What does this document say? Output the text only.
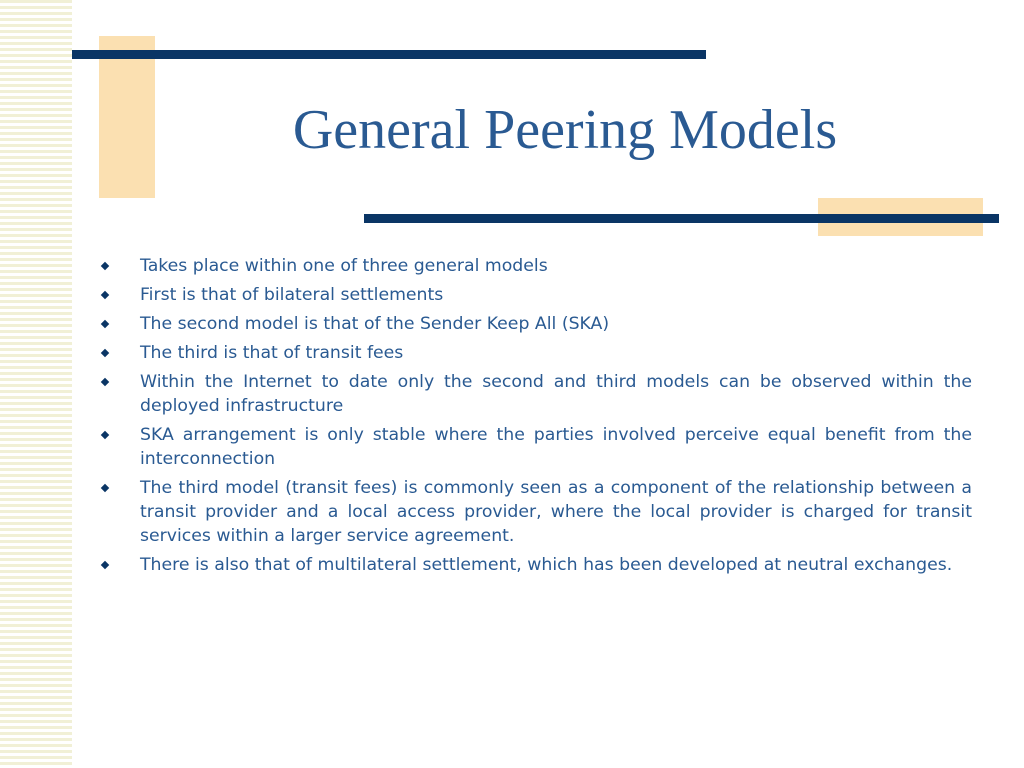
General Peering Models
Takes place within one of three general models
First is that of bilateral settlements
The second model is that of the Sender Keep All (SKA)
The third is that of transit fees
Within the Internet to date only the second and third models can be observed within the deployed infrastructure
SKA arrangement is only stable where the parties involved perceive equal benefit from the interconnection
The third model (transit fees) is commonly seen as a component of the relationship between a transit provider and a local access provider, where the local provider is charged for transit services within a larger service agreement.
There is also that of multilateral settlement, which has been developed at neutral exchanges.
